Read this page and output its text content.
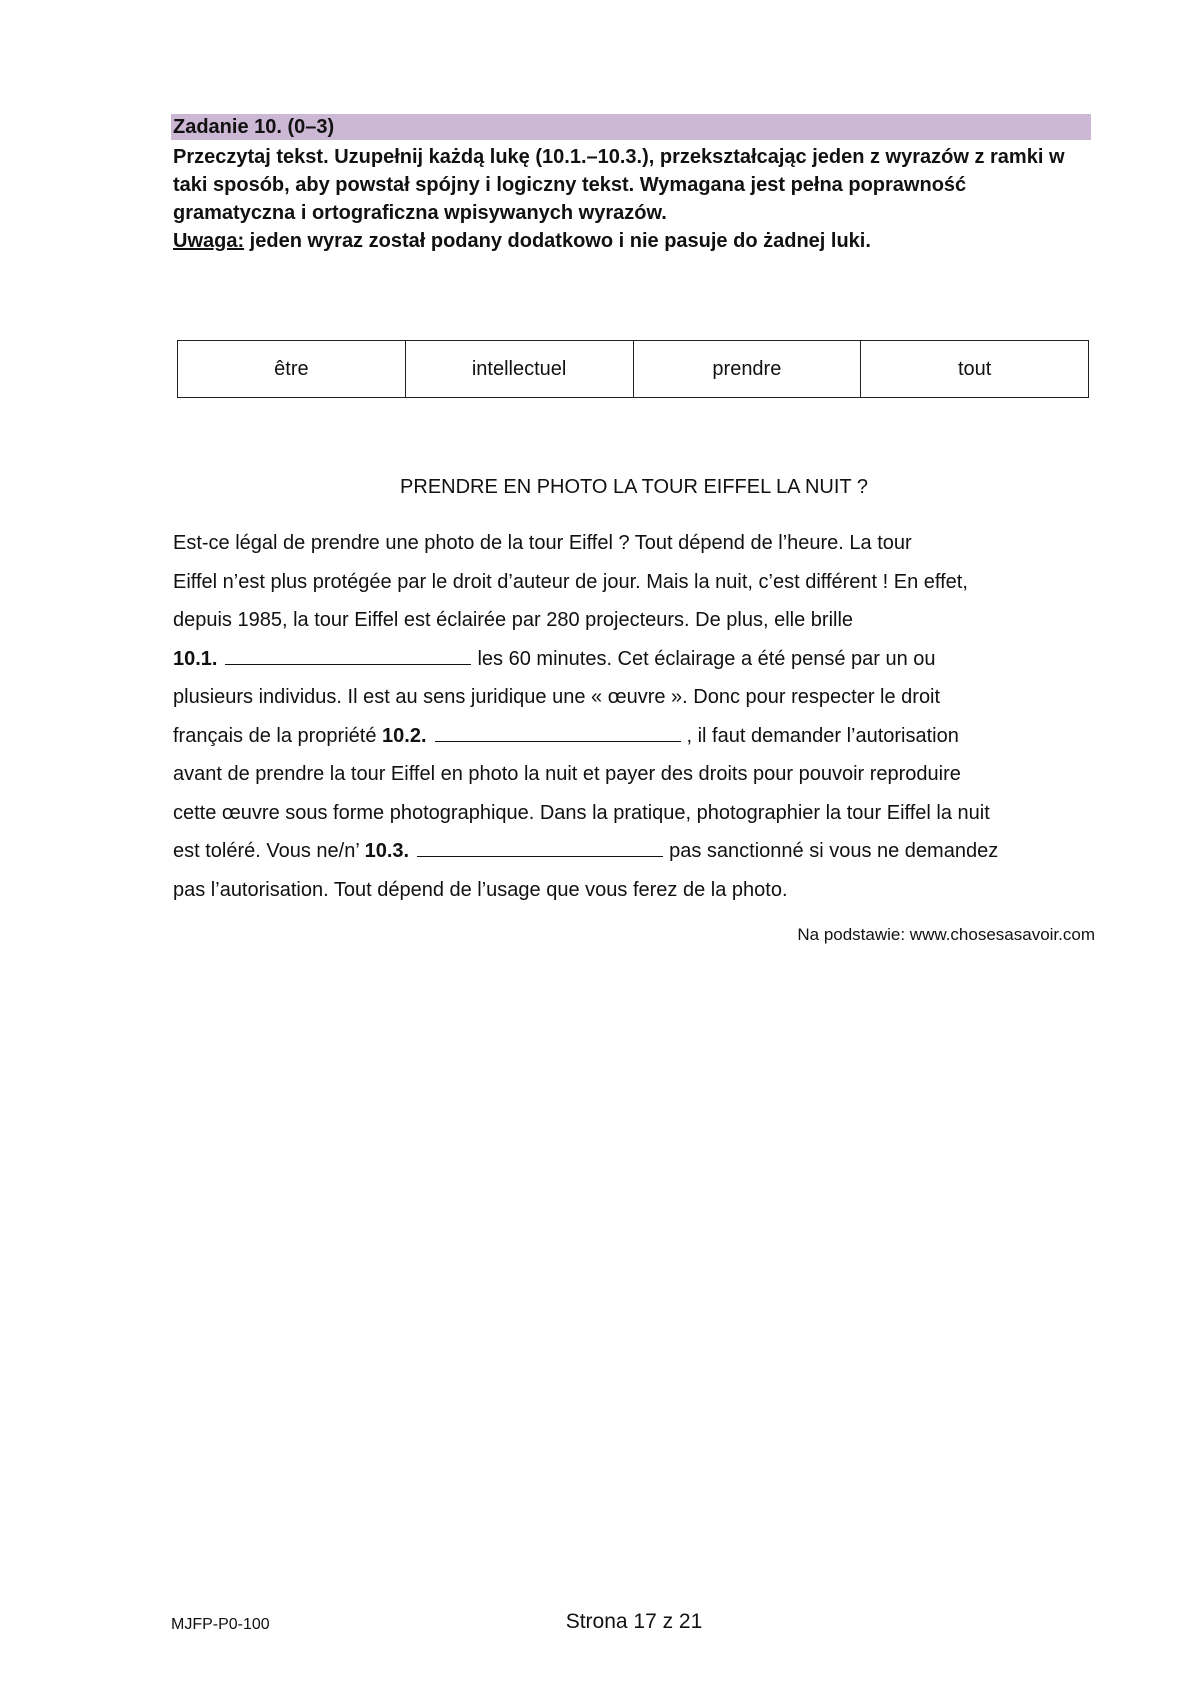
Zadanie 10. (0–3)

Przeczytaj tekst. Uzupełnij każdą lukę (10.1.–10.3.), przekształcając jeden z wyrazów z ramki w taki sposób, aby powstał spójny i logiczny tekst. Wymagana jest pełna poprawność gramatyczna i ortograficzna wpisywanych wyrazów.

Uwaga: jeden wyraz został podany dodatkowo i nie pasuje do żadnej luki.

être	intellectuel	prendre	tout
PRENDRE EN PHOTO LA TOUR EIFFEL LA NUIT ?
Est-ce légal de prendre une photo de la tour Eiffel ? Tout dépend de l’heure. La tour
Eiffel n’est plus protégée par le droit d’auteur de jour. Mais la nuit, c’est différent ! En effet,
depuis 1985, la tour Eiffel est éclairée par 280 projecteurs. De plus, elle brille
10.1.	les 60 minutes. Cet éclairage a été pensé par un ou
plusieurs individus. Il est au sens juridique une « œuvre ». Donc pour respecter le droit
français de la propriété 10.2.	, il faut demander l’autorisation
avant de prendre la tour Eiffel en photo la nuit et payer des droits pour pouvoir reproduire
cette œuvre sous forme photographique. Dans la pratique, photographier la tour Eiffel la nuit
est toléré. Vous ne/n’ 10.3.	pas sanctionné si vous ne demandez
pas l’autorisation. Tout dépend de l’usage que vous ferez de la photo.
Na podstawie: www.chosesasavoir.com
MJFP-P0-100	Strona 17 z 21
